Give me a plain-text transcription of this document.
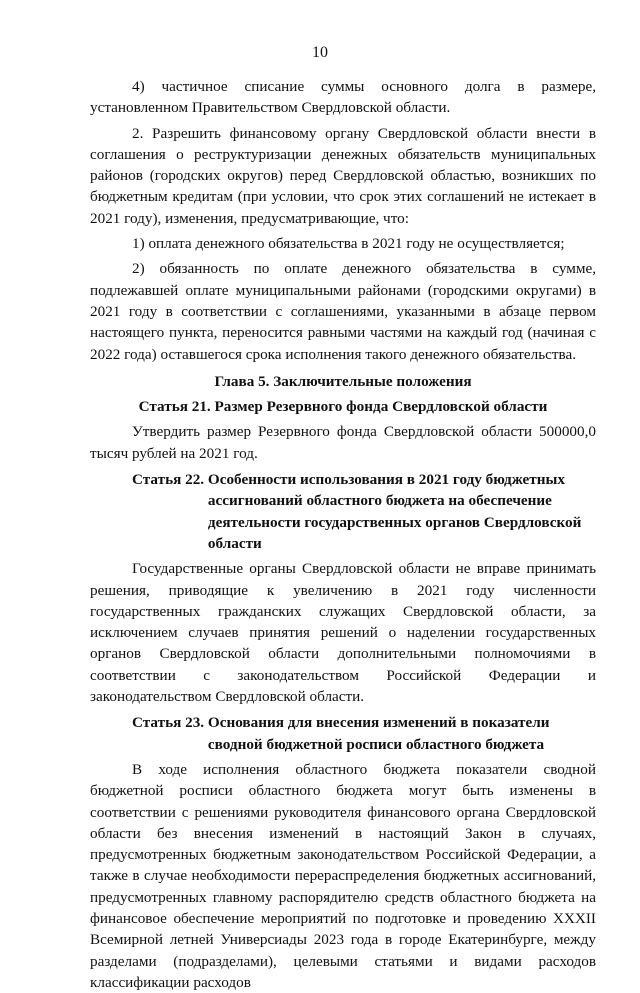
10

4) частичное списание суммы основного долга в размере, установленном Правительством Свердловской области.

2. Разрешить финансовому органу Свердловской области внести в соглашения о реструктуризации денежных обязательств муниципальных районов (городских округов) перед Свердловской областью, возникших по бюджетным кредитам (при условии, что срок этих соглашений не истекает в 2021 году), изменения, предусматривающие, что:

1) оплата денежного обязательства в 2021 году не осуществляется;

2) обязанность по оплате денежного обязательства в сумме, подлежавшей оплате муниципальными районами (городскими округами) в 2021 году в соответствии с соглашениями, указанными в абзаце первом настоящего пункта, переносится равными частями на каждый год (начиная с 2022 года) оставшегося срока исполнения такого денежного обязательства.

Глава 5. Заключительные положения
Статья 21. Размер Резервного фонда Свердловской области

Утвердить размер Резервного фонда Свердловской области 500000,0 тысяч рублей на 2021 год.

Статья 22. Особенности использования в 2021 году бюджетных ассигнований областного бюджета на обеспечение деятельности государственных органов Свердловской области

Государственные органы Свердловской области не вправе принимать решения, приводящие к увеличению в 2021 году численности государственных гражданских служащих Свердловской области, за исключением случаев принятия решений о наделении государственных органов Свердловской области дополнительными полномочиями в соответствии с законодательством Российской Федерации и законодательством Свердловской области.

Статья 23. Основания для внесения изменений в показатели сводной бюджетной росписи областного бюджета

В ходе исполнения областного бюджета показатели сводной бюджетной росписи областного бюджета могут быть изменены в соответствии с решениями руководителя финансового органа Свердловской области без внесения изменений в настоящий Закон в случаях, предусмотренных бюджетным законодательством Российской Федерации, а также в случае необходимости перераспределения бюджетных ассигнований, предусмотренных главному распорядителю средств областного бюджета на финансовое обеспечение мероприятий по подготовке и проведению XXXII Всемирной летней Универсиады 2023 года в городе Екатеринбурге, между разделами (подразделами), целевыми статьями и видами расходов классификации расходов
